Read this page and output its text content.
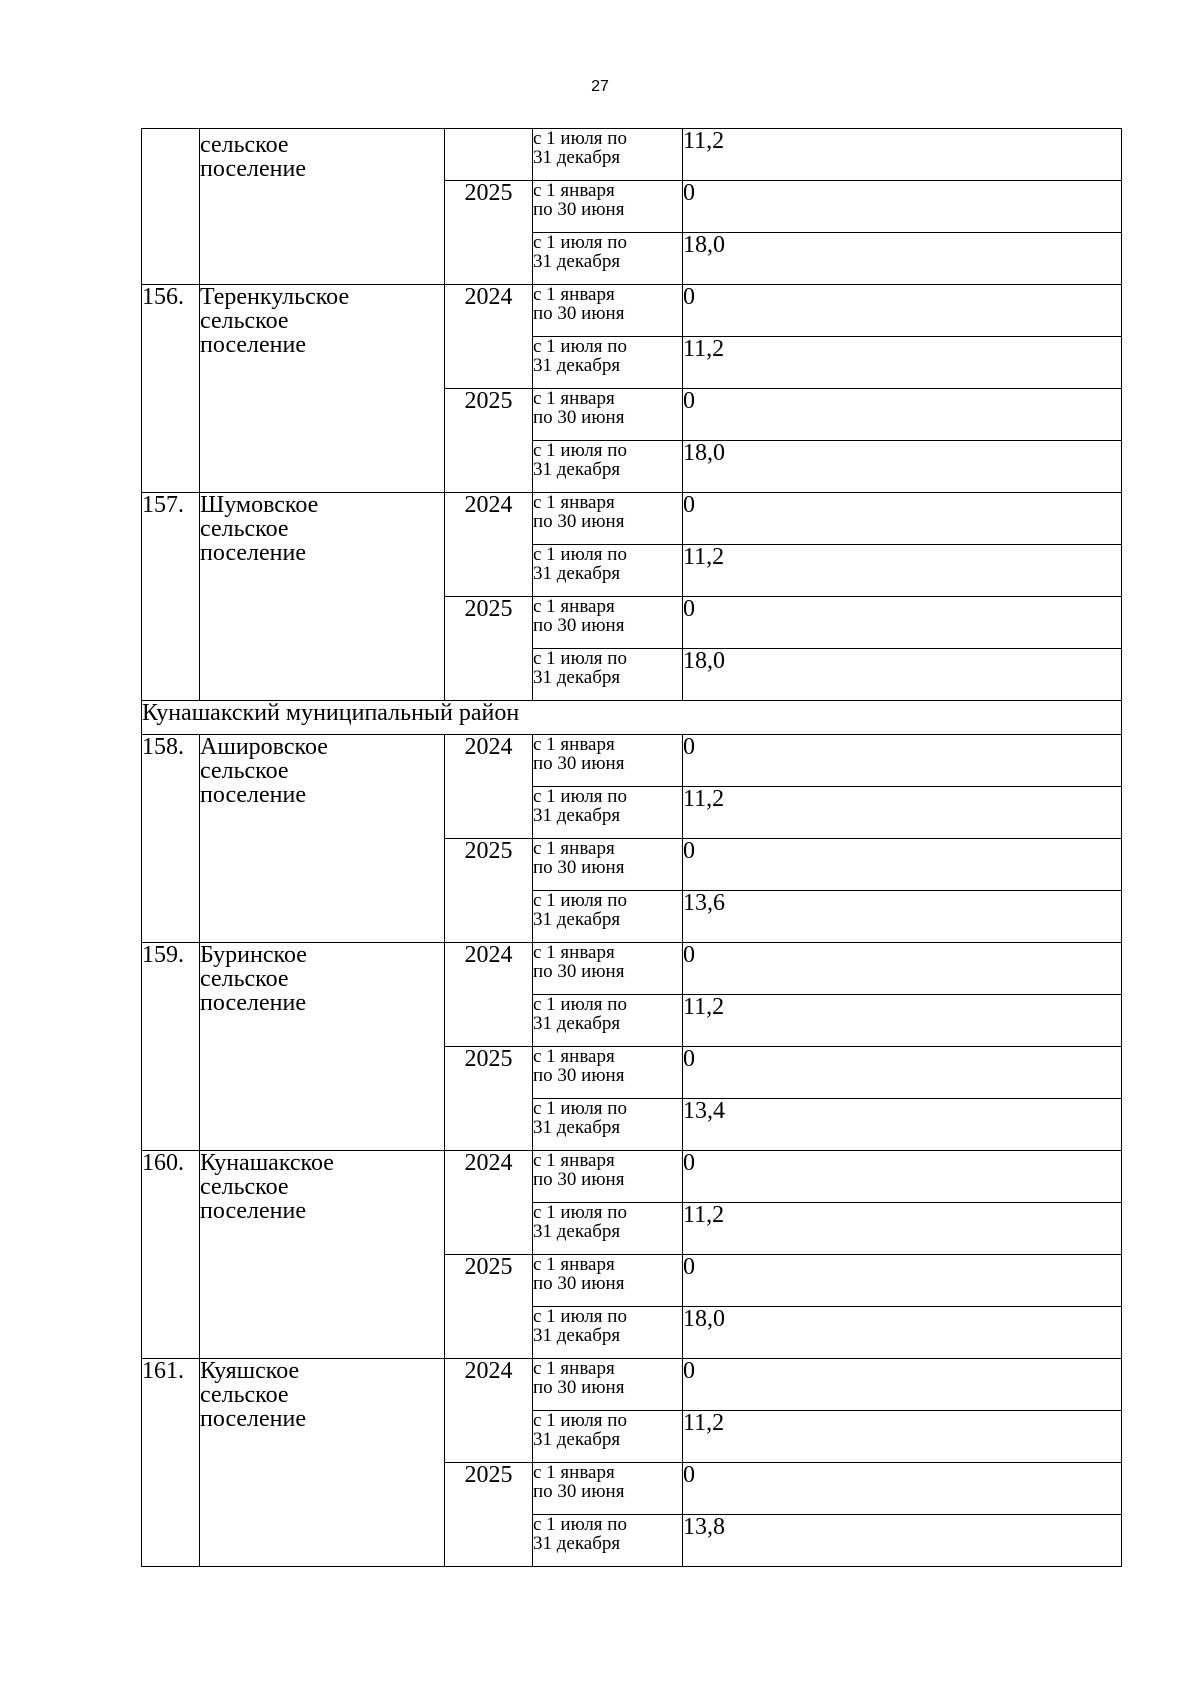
27
	сельское
поселение		с 1 июля по
31 декабря	11,2
		2025	с 1 января
по 30 июня	0

			с 1 июля по
31 декабря	18,0
156.	Теренкульское
сельское
поселение	2024	с 1 января
по 30 июня	0

			с 1 июля по
31 декабря	11,2
		2025	с 1 января
по 30 июня	0

			с 1 июля по
31 декабря	18,0
157.	Шумовское
сельское
поселение	2024	с 1 января
по 30 июня	0

			с 1 июля по
31 декабря	11,2
		2025	с 1 января
по 30 июня	0

			с 1 июля по
31 декабря	18,0
Кунашакский муниципальный район				
158.	Ашировское
сельское
поселение	2024	с 1 января
по 30 июня	0

			с 1 июля по
31 декабря	11,2
		2025	с 1 января
по 30 июня	0

			с 1 июля по
31 декабря	13,6
159.	Буринское
сельское
поселение	2024	с 1 января
по 30 июня	0

			с 1 июля по
31 декабря	11,2
		2025	с 1 января
по 30 июня	0

			с 1 июля по
31 декабря	13,4
160.	Кунашакское
сельское
поселение	2024	с 1 января
по 30 июня	0

			с 1 июля по
31 декабря	11,2
		2025	с 1 января
по 30 июня	0

			с 1 июля по
31 декабря	18,0
161.	Куяшское
сельское
поселение	2024	с 1 января
по 30 июня	0

			с 1 июля по
31 декабря	11,2
		2025	с 1 января
по 30 июня	0

			с 1 июля по
31 декабря	13,8
